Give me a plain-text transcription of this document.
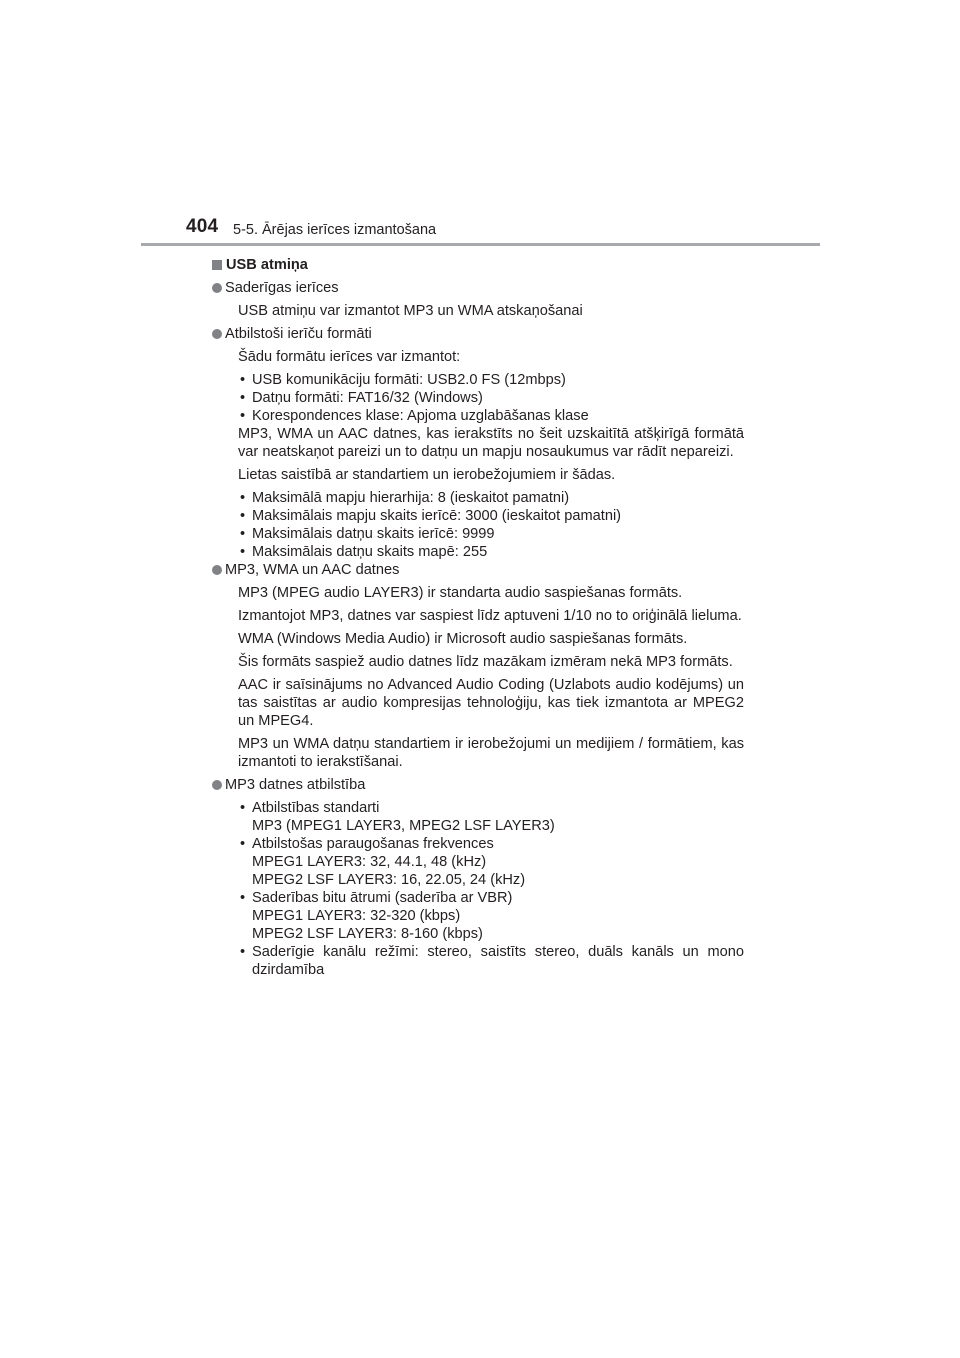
404 5-5. Ārējas ierīces izmantošana
USB atmiņa
Saderīgas ierīces

USB atmiņu var izmantot MP3 un WMA atskaņošanai

Atbilstoši ierīču formāti

Šādu formātu ierīces var izmantot:

• USB komunikāciju formāti: USB2.0 FS (12mbps)
• Datņu formāti: FAT16/32 (Windows)
• Korespondences klase: Apjoma uzglabāšanas klase

MP3, WMA un AAC datnes, kas ierakstīts no šeit uzskaitītā atšķirīgā formātā var neatskaņot pareizi un to datņu un mapju nosaukumus var rādīt nepareizi.

Lietas saistībā ar standartiem un ierobežojumiem ir šādas.

• Maksimālā mapju hierarhija: 8 (ieskaitot pamatni)
• Maksimālais mapju skaits ierīcē: 3000 (ieskaitot pamatni)
• Maksimālais datņu skaits ierīcē: 9999
• Maksimālais datņu skaits mapē: 255
MP3, WMA un AAC datnes

MP3 (MPEG audio LAYER3) ir standarta audio saspiešanas formāts.

Izmantojot MP3, datnes var saspiest līdz aptuveni 1/10 no to oriģinālā lieluma.

WMA (Windows Media Audio) ir Microsoft audio saspiešanas formāts.

Šis formāts saspiež audio datnes līdz mazākam izmēram nekā MP3 formāts.

AAC ir saīsinājums no Advanced Audio Coding (Uzlabots audio kodējums) un tas saistītas ar audio kompresijas tehnoloģiju, kas tiek izmantota ar MPEG2 un MPEG4.

MP3 un WMA datņu standartiem ir ierobežojumi un medijiem / formātiem, kas izmantoti to ierakstīšanai.

MP3 datnes atbilstība
• Atbilstības standarti
MP3 (MPEG1 LAYER3, MPEG2 LSF LAYER3)
• Atbilstošas paraugošanas frekvences
MPEG1 LAYER3: 32, 44.1, 48 (kHz)
MPEG2 LSF LAYER3: 16, 22.05, 24 (kHz)
• Saderības bitu ātrumi (saderība ar VBR)
MPEG1 LAYER3: 32-320 (kbps)
MPEG2 LSF LAYER3: 8-160 (kbps)
• Saderīgie kanālu režīmi: stereo, saistīts stereo, duāls kanāls un mono dzirdamība
